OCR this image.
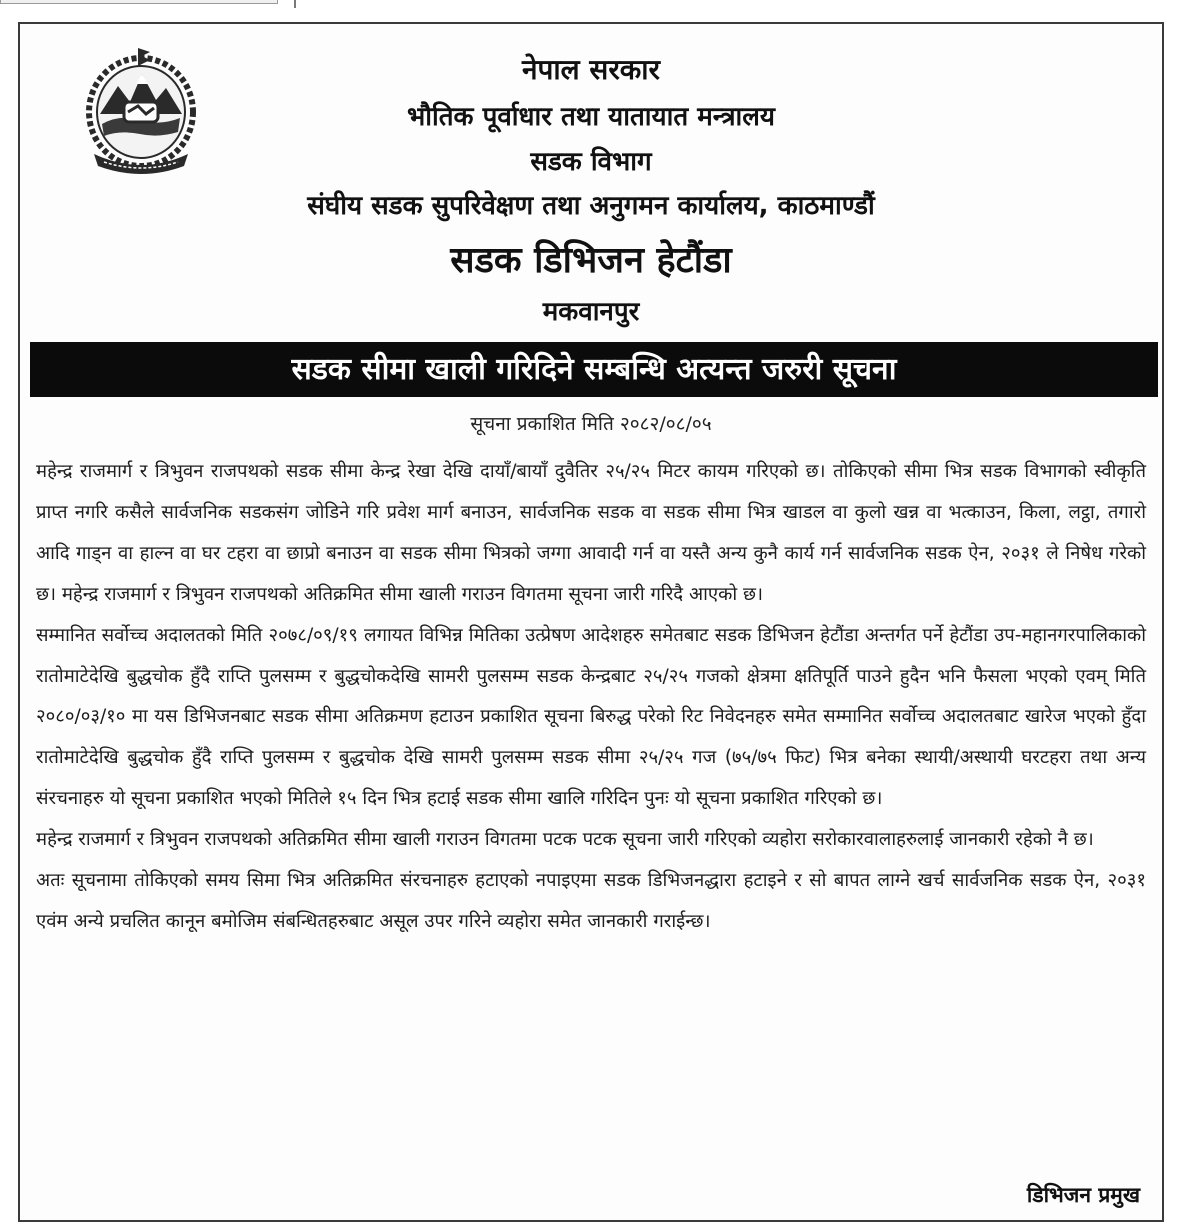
नेपाल सरकार
भौतिक पूर्वाधार तथा यातायात मन्त्रालय
सडक विभाग
संघीय सडक सुपरिवेक्षण तथा अनुगमन कार्यालय, काठमाण्डौं
सडक डिभिजन हेटौंडा
मकवानपुर
सडक सीमा खाली गरिदिने सम्बन्धि अत्यन्त जरुरी सूचना
सूचना प्रकाशित मिति २०८२/०८/०५

महेन्द्र राजमार्ग र त्रिभुवन राजपथको सडक सीमा केन्द्र रेखा देखि दायाँ/बायाँ दुवैतिर २५/२५ मिटर कायम गरिएको छ। तोकिएको सीमा भित्र सडक विभागको स्वीकृति प्राप्त नगरि कसैले सार्वजनिक सडकसंग जोडिने गरि प्रवेश मार्ग बनाउन, सार्वजनिक सडक वा सडक सीमा भित्र खाडल वा कुलो खन्न वा भत्काउन, किला, लट्ठा, तगारो आदि गाड्न वा हाल्न वा घर टहरा वा छाप्रो बनाउन वा सडक सीमा भित्रको जग्गा आवादी गर्न वा यस्तै अन्य कुनै कार्य गर्न सार्वजनिक सडक ऐन, २०३१ ले निषेध गरेको छ। महेन्द्र राजमार्ग र त्रिभुवन राजपथको अतिक्रमित सीमा खाली गराउन विगतमा सूचना जारी गरिदै आएको छ।

सम्मानित सर्वोच्च अदालतको मिति २०७८/०९/१९ लगायत विभिन्न मितिका उत्प्रेषण आदेशहरु समेतबाट सडक डिभिजन हेटौंडा अन्तर्गत पर्ने हेटौंडा उप-महानगरपालिकाको रातोमाटेदेखि बुद्धचोक हुँदै राप्ति पुलसम्म र बुद्धचोकदेखि सामरी पुलसम्म सडक केन्द्रबाट २५/२५ गजको क्षेत्रमा क्षतिपूर्ति पाउने हुदैन भनि फैसला भएको एवम् मिति २०८०/०३/१० मा यस डिभिजनबाट सडक सीमा अतिक्रमण हटाउन प्रकाशित सूचना बिरुद्ध परेको रिट निवेदनहरु समेत सम्मानित सर्वोच्च अदालतबाट खारेज भएको हुँदा रातोमाटेदेखि बुद्धचोक हुँदै राप्ति पुलसम्म र बुद्धचोक देखि सामरी पुलसम्म सडक सीमा २५/२५ गज (७५/७५ फिट) भित्र बनेका स्थायी/अस्थायी घरटहरा तथा अन्य संरचनाहरु यो सूचना प्रकाशित भएको मितिले १५ दिन भित्र हटाई सडक सीमा खालि गरिदिन पुनः यो सूचना प्रकाशित गरिएको छ।

महेन्द्र राजमार्ग र त्रिभुवन राजपथको अतिक्रमित सीमा खाली गराउन विगतमा पटक पटक सूचना जारी गरिएको व्यहोरा सरोकारवालाहरुलाई जानकारी रहेको नै छ।

अतः सूचनामा तोकिएको समय सिमा भित्र अतिक्रमित संरचनाहरु हटाएको नपाइएमा सडक डिभिजनद्धारा हटाइने र सो बापत लाग्ने खर्च सार्वजनिक सडक ऐन, २०३१ एवंम अन्ये प्रचलित कानून बमोजिम संबन्धितहरुबाट असूल उपर गरिने व्यहोरा समेत जानकारी गराईन्छ।

डिभिजन प्रमुख
